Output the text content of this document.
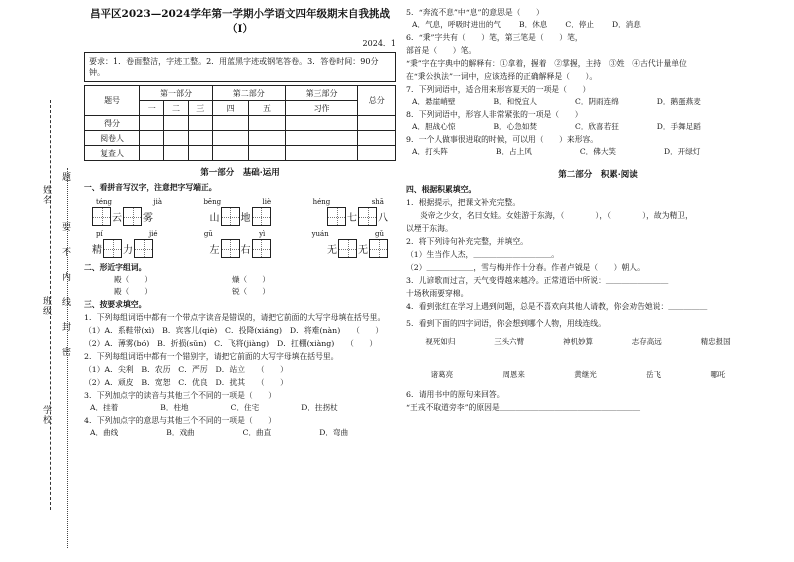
姓名
班级
学校
题
要
不
内
线
封
密
昌平区2023—2024学年第一学期小学语文四年级期末自我挑战（Ⅰ）
2024．1
要求：1．卷面整洁，字迹工整。2．用蓝黑字迹或钢笔答卷。3．答卷时间：90分钟。
题号	第一部分			第二部分		第三部分	总分
	一	二	三	四	五	习作	
得分							
阅卷人							
复查人							
第一部分　基础·运用
一、看拼音写汉字，注意把字写端正。
téng	jià	bēng	liè	héng	shā
云 雾	山 地	七 八
pí	jié	gū	yì	yuán	gǔ
精 力	左 右	无 无
二、形近字组词。
殿（　　）	燥（　　）
殿（　　）	锐（　　）
三、按要求填空。
1．下列每组词语中都有一个带点字读音是错误的，请把它前面的大写字母填在括号里。
（1）A．系鞋带(xì)　B．宾客儿(qiè)　C．投降(xiáng)　D．将难(nàn)　　（　　）
（2）A．薄雾(bó)　B．折损(sǔn)　C．飞将(jiàng)　D．扛棚(xiàng)　　（　　）
2．下列每组词语中都有一个错别字，请把它前面的大写字母填在括号里。
（1）A．尖利　B．农历　C．严厉　D．站立　　（　　）
（2）A．顽皮　B．宽恕　C．优良　D．扰其　　（　　）
3．下列加点字的读音与其他三个不同的一项是（　　）
A．挂着	B．柱地	C．住宅	D．拄拐杖
4．下列加点字的意思与其他三个不同的一项是（　　）
A．曲线	B．戏曲	C．曲直	D．弯曲
5．“奔流不息”中“息”的意思是（　　）
A．气息，呼吸时进出的气 B．休息 C．停止 D．消息
6．“秉”字共有（　　）笔，第三笔是（　　）笔，
部首是（　　）笔。
“秉”字在字典中的解释有：①拿着，握着　②掌握，主持　③姓　④古代计量单位
在“秉公执法”一词中，应该选择的正确解释是（　　）。
7．下列词语中，适合用来形容夏天的一项是（　　）
A．悬崖峭壁	B．和悦宜人	C．阴雨连绵	D．鹅蛋燕麦
8．下列词语中，形容人非常紧张的一项是（　　）
A．胆战心惊	B．心急如焚	C．欣喜若狂	D．手舞足蹈
9．一个人做事很进取的时候，可以用（　　）来形容。
A．打头阵	B．占上风	C．佛大笑	D．开绿灯
第二部分　积累·阅读
四、根据积累填空。
1．根据提示，把课文补充完整。
炎帝之少女，名曰女娃。女娃游于东海，（　　　　），（　　　　），故为精卫，
以堙于东海。
2．将下列诗句补充完整，并填空。
（1）生当作人杰，＿＿＿＿＿＿＿＿＿＿。
（2）＿＿＿＿＿＿，雪与梅并作十分春。作者卢钺是（　　）朝人。
3．儿谚歌而过言，天气变得越来越冷。正常道语中所说：＿＿＿＿＿＿＿＿
十场秋雨要穿棉。
4．看到张红在学习上遇到问题，总是不喜欢向其他人请教，你会劝告她说：＿＿＿＿＿
5．看到下面的四字词语，你会想到哪个人物，用线连线。
视死如归	三头六臂	神机妙算	志存高远	精忠报国
诸葛亮	周恩来	黄继光	岳飞	哪吒
6．请用书中的原句来回答。
“王戎不取道旁李”的原因是＿＿＿＿＿＿＿＿＿＿＿＿＿＿＿＿＿＿
